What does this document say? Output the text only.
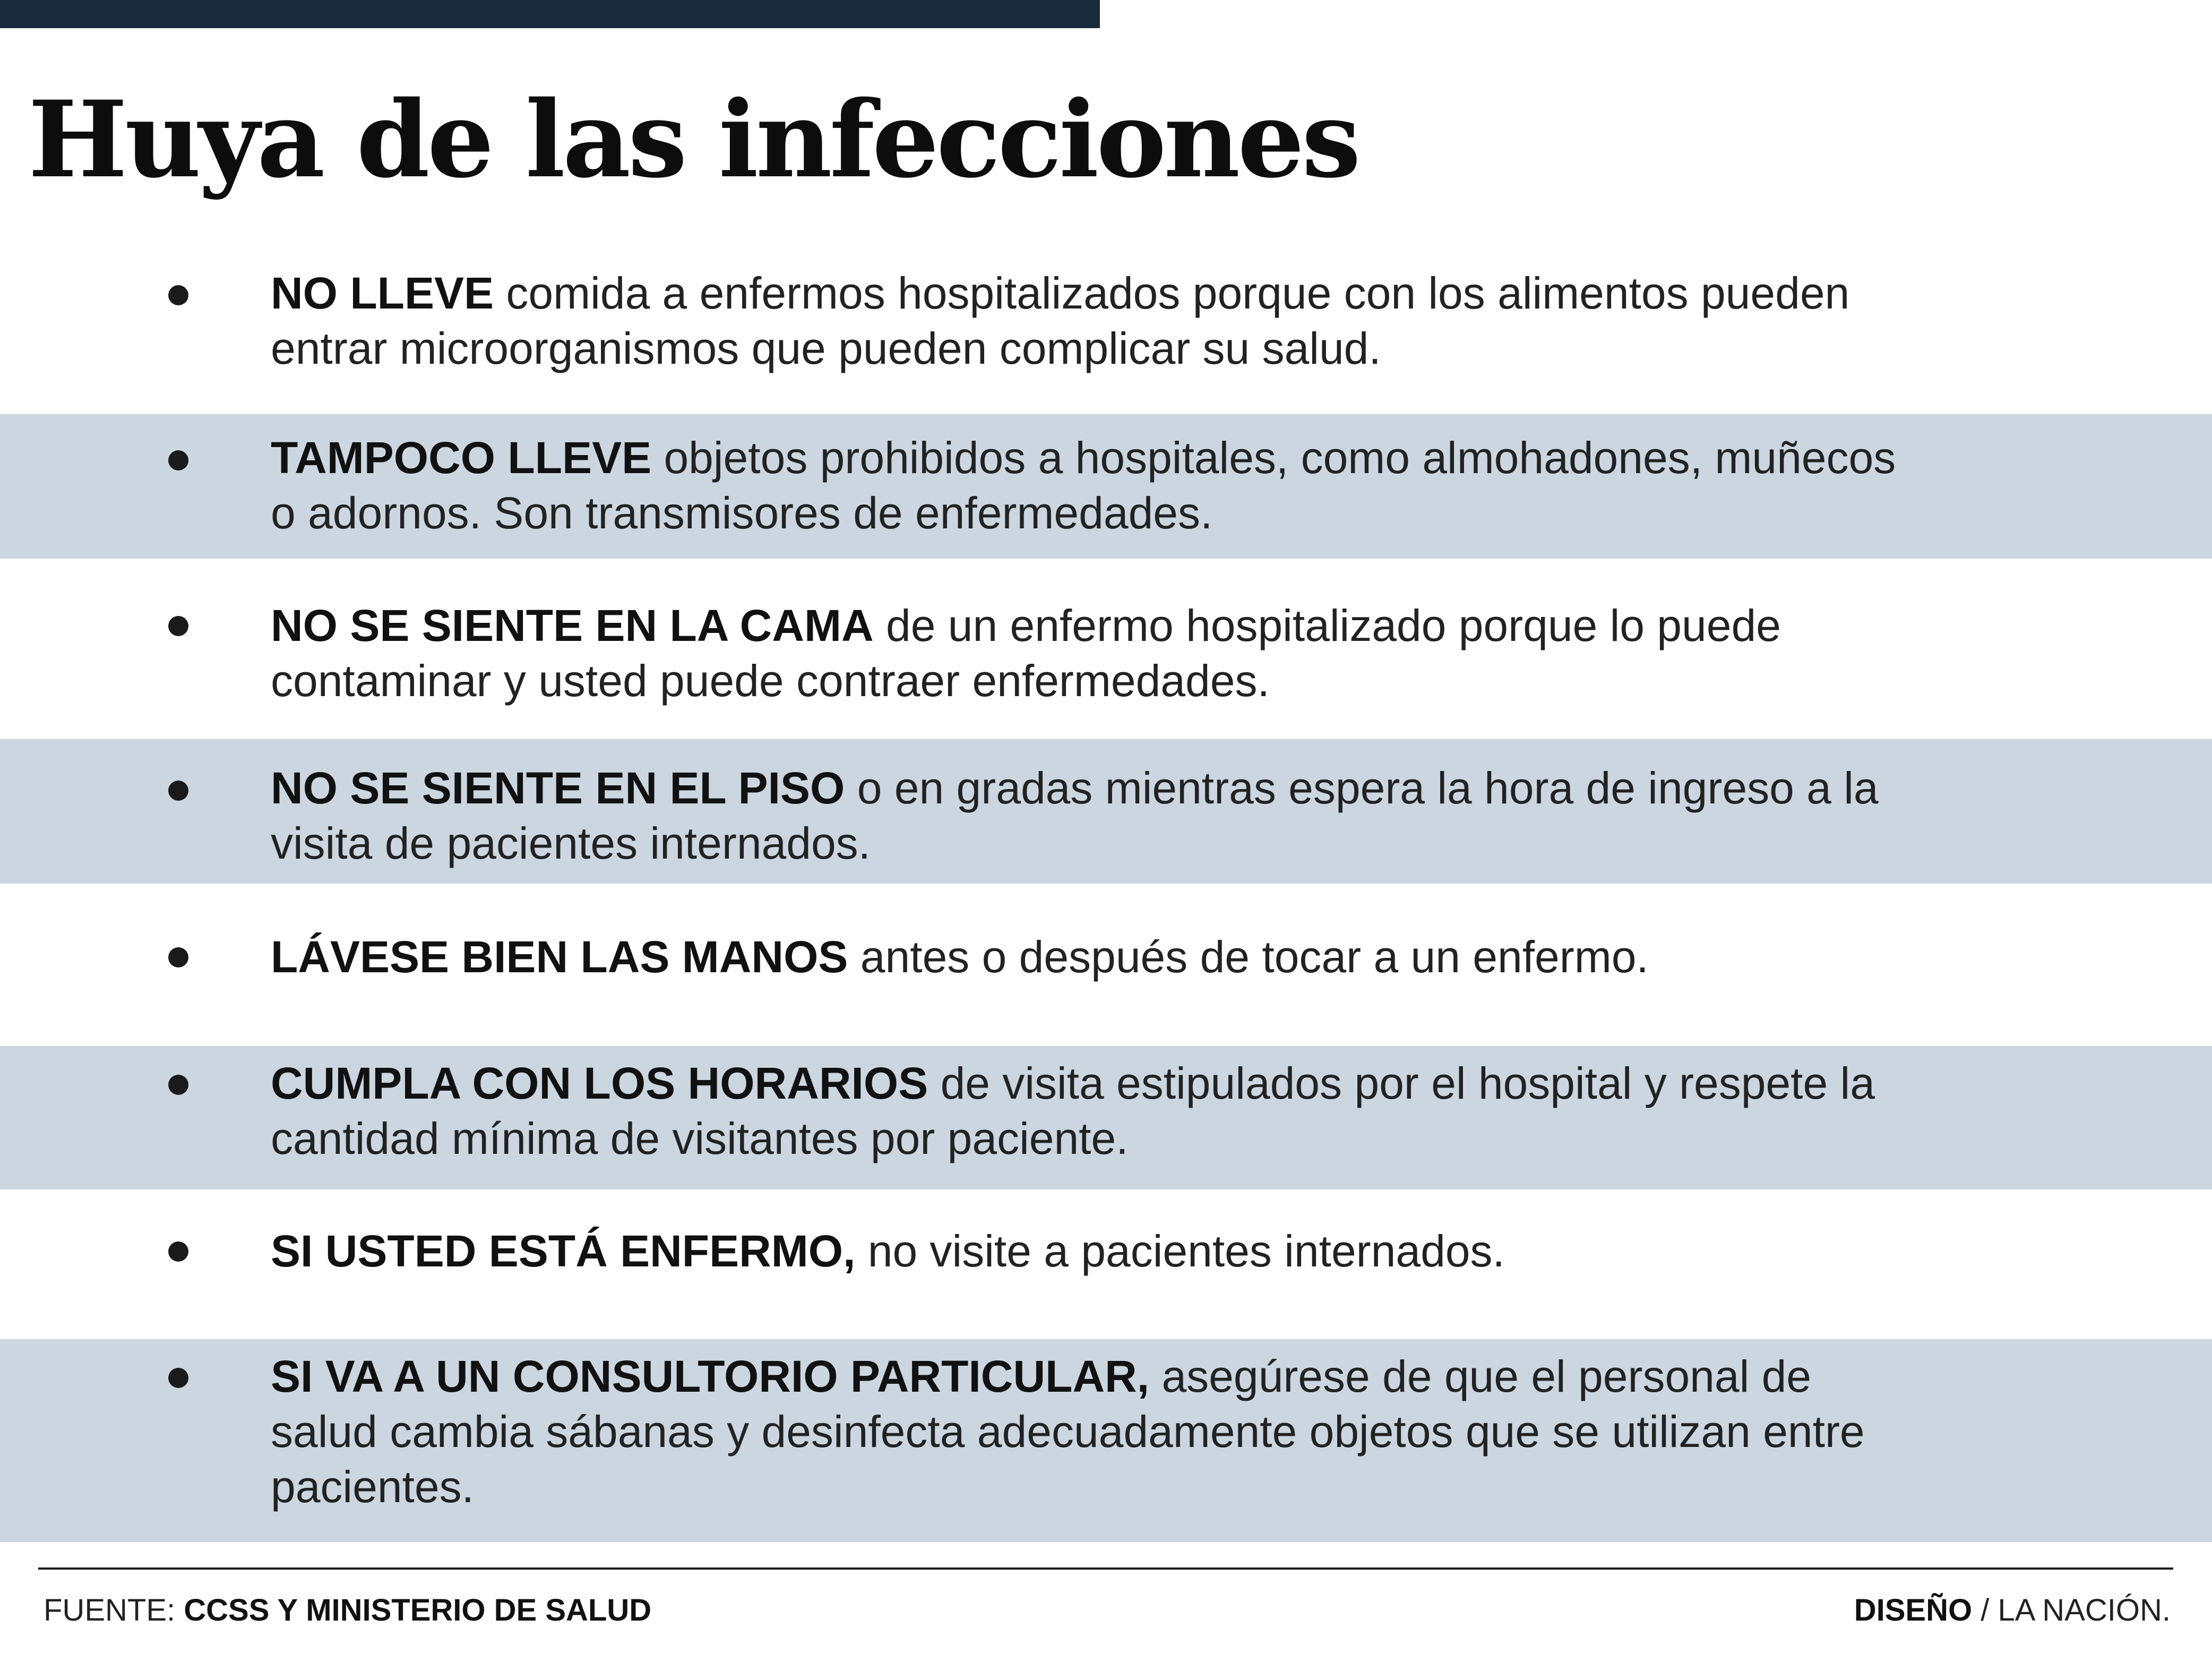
Huya de las infecciones
NO LLEVE comida a enfermos hospitalizados porque con los alimentos pueden
entrar microorganismos que pueden complicar su salud.
TAMPOCO LLEVE objetos prohibidos a hospitales, como almohadones, muñecos
o adornos. Son transmisores de enfermedades.
NO SE SIENTE EN LA CAMA de un enfermo hospitalizado porque lo puede
contaminar y usted puede contraer enfermedades.
NO SE SIENTE EN EL PISO o en gradas mientras espera la hora de ingreso a la
visita de pacientes internados.
LÁVESE BIEN LAS MANOS antes o después de tocar a un enfermo.
CUMPLA CON LOS HORARIOS de visita estipulados por el hospital y respete la
cantidad mínima de visitantes por paciente.
SI USTED ESTÁ ENFERMO, no visite a pacientes internados.
SI VA A UN CONSULTORIO PARTICULAR, asegúrese de que el personal de
salud cambia sábanas y desinfecta adecuadamente objetos que se utilizan entre
pacientes.
FUENTE: CCSS Y MINISTERIO DE SALUD	DISEÑO / LA NACIÓN.
